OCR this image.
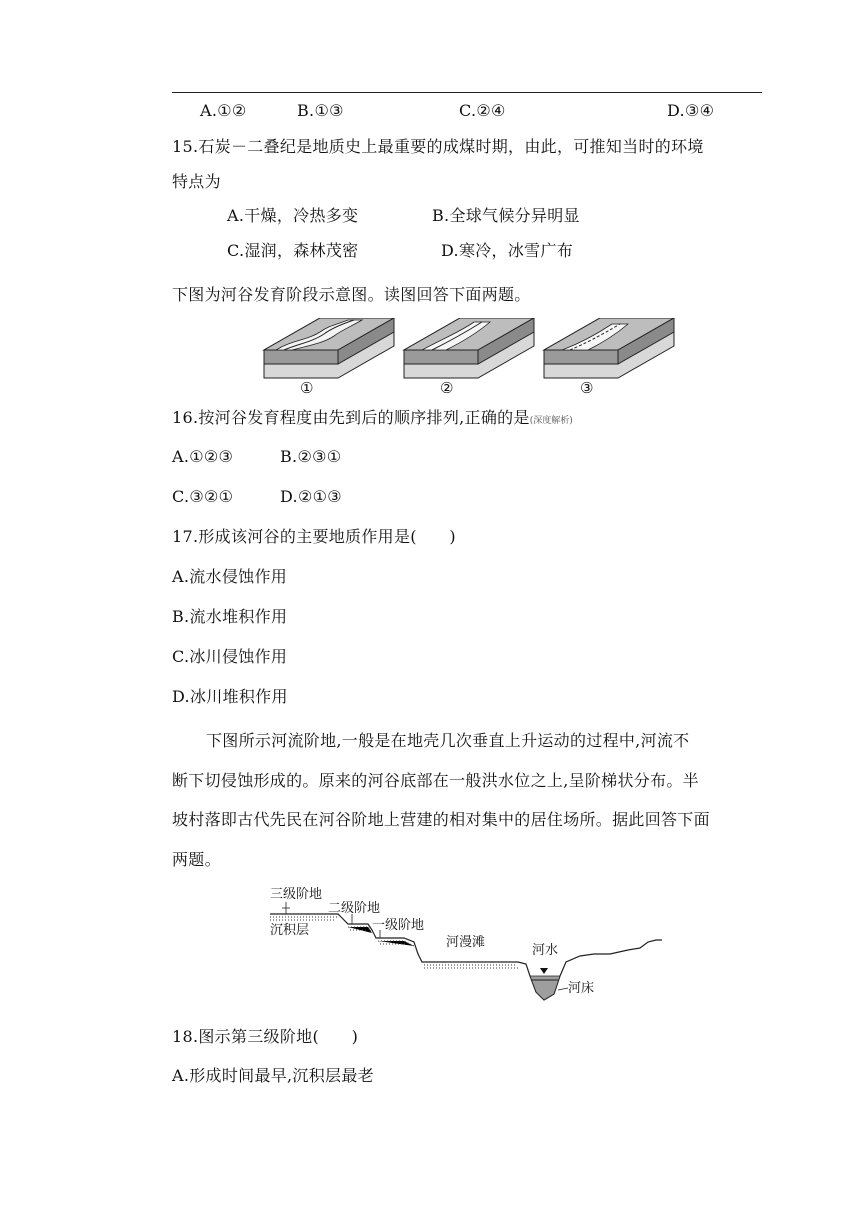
A.①②	B.①③	C.②④	D.③④
15.石炭－二叠纪是地质史上最重要的成煤时期，由此，可推知当时的环境
特点为
A.干燥，冷热多变	B.全球气候分异明显
C.湿润，森林茂密	D.寒冷，冰雪广布
下图为河谷发育阶段示意图。读图回答下面两题。
①	②	③
16.按河谷发育程度由先到后的顺序排列,正确的是(深度解析)
A.①②③	B.②③①
C.③②①	D.②①③
17.形成该河谷的主要地质作用是(　　)
A.流水侵蚀作用
B.流水堆积作用
C.冰川侵蚀作用
D.冰川堆积作用
下图所示河流阶地,一般是在地壳几次垂直上升运动的过程中,河流不
断下切侵蚀形成的。原来的河谷底部在一般洪水位之上,呈阶梯状分布。半
坡村落即古代先民在河谷阶地上营建的相对集中的居住场所。据此回答下面
两题。
三级阶地
二级阶地
一级阶地
沉积层
河漫滩
河水
河床
18.图示第三级阶地(　　)
A.形成时间最早,沉积层最老
